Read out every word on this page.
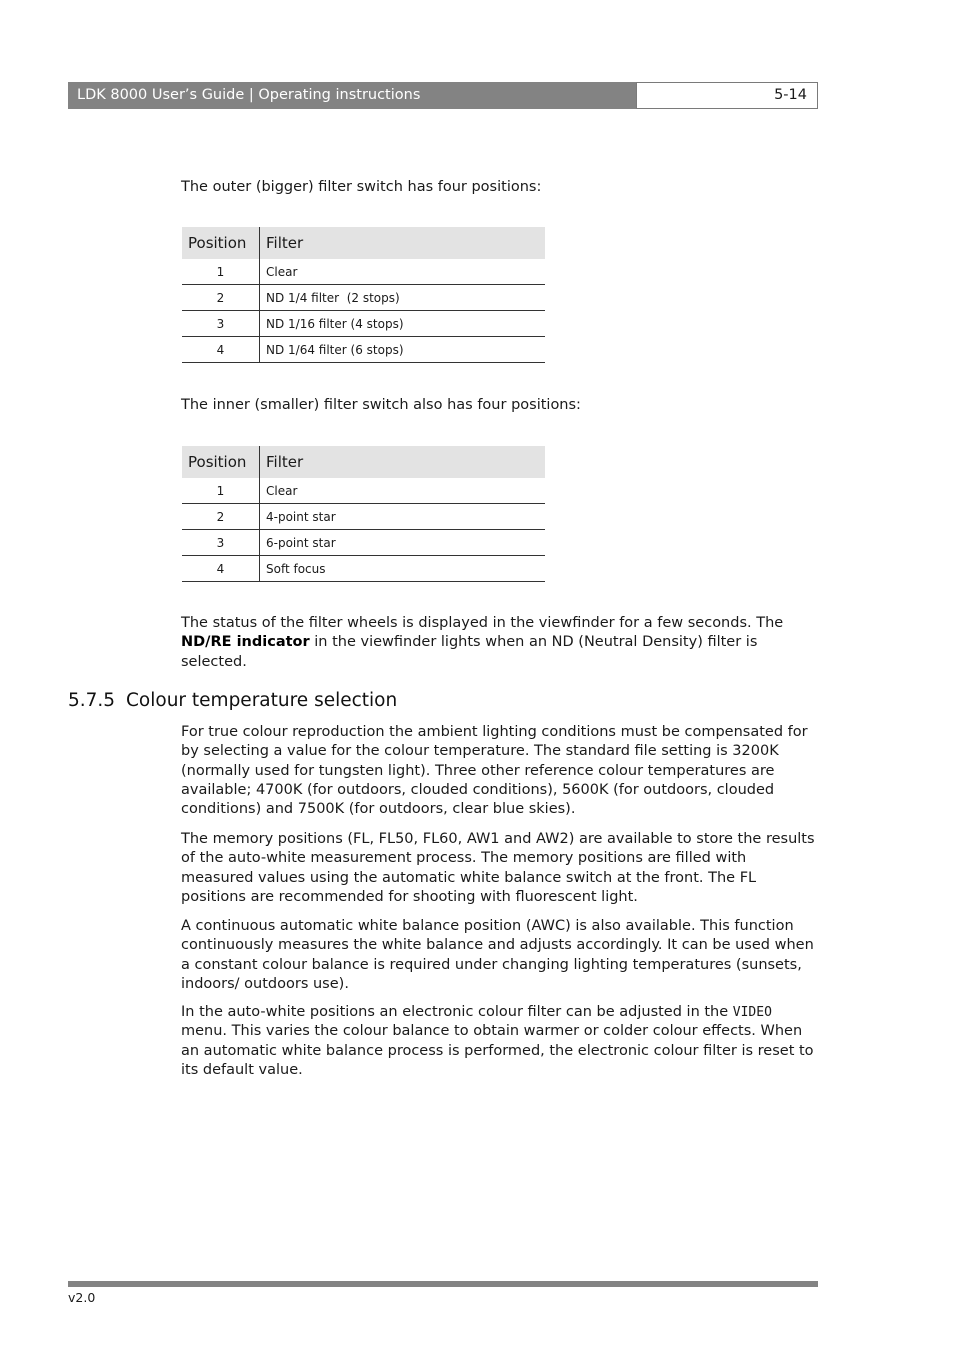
LDK 8000 User’s Guide | Operating instructions	5-14

The outer (bigger) filter switch has four positions:

Position	Filter
1	Clear
2	ND 1/4 filter  (2 stops)
3	ND 1/16 filter (4 stops)
4	ND 1/64 filter (6 stops)

The inner (smaller) filter switch also has four positions:

Position	Filter
1	Clear
2	4-point star
3	6-point star
4	Soft focus

The status of the filter wheels is displayed in the viewfinder for a few seconds. The ND/RE indicator in the viewfinder lights when an ND (Neutral Density) filter is selected.

5.7.5 Colour temperature selection

For true colour reproduction the ambient lighting conditions must be compensated for by selecting a value for the colour temperature. The standard file setting is 3200K (normally used for tungsten light). Three other reference colour temperatures are available; 4700K (for outdoors, clouded conditions), 5600K (for outdoors, clouded conditions) and 7500K (for outdoors, clear blue skies).

The memory positions (FL, FL50, FL60, AW1 and AW2) are available to store the results of the auto-white measurement process. The memory positions are filled with measured values using the automatic white balance switch at the front. The FL positions are recommended for shooting with fluorescent light.

A continuous automatic white balance position (AWC) is also available. This function continuously measures the white balance and adjusts accordingly. It can be used when a constant colour balance is required under changing lighting temperatures (sunsets, indoors/ outdoors use).

In the auto-white positions an electronic colour filter can be adjusted in the VIDEO menu. This varies the colour balance to obtain warmer or colder colour effects. When an automatic white balance process is performed, the electronic colour filter is reset to its default value.

v2.0
